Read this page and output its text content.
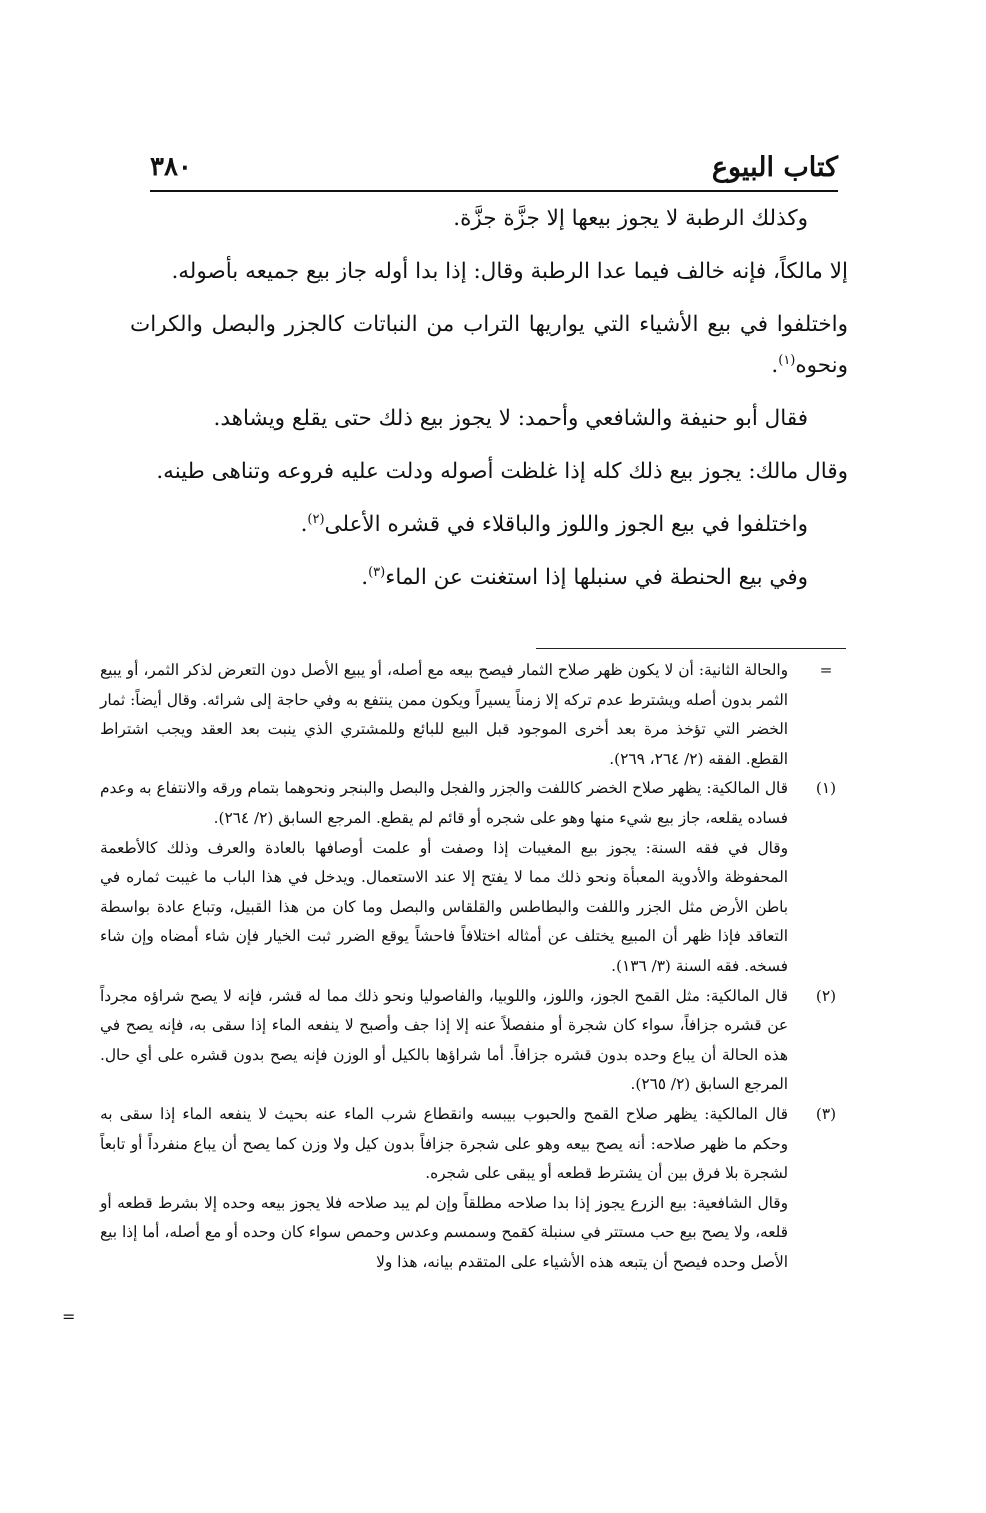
كتاب البيوع
٣٨٠

وكذلك الرطبة لا يجوز بيعها إلا جزَّة جزَّة.

إلا مالكاً، فإنه خالف فيما عدا الرطبة وقال: إذا بدا أوله جاز بيع جميعه بأصوله.

واختلفوا في بيع الأشياء التي يواريها التراب من النباتات كالجزر والبصل والكرات ونحوه$^{(١)}$.

فقال أبو حنيفة والشافعي وأحمد: لا يجوز بيع ذلك حتى يقلع ويشاهد.

وقال مالك: يجوز بيع ذلك كله إذا غلظت أصوله ودلت عليه فروعه وتناهى طينه.

واختلفوا في بيع الجوز واللوز والباقلاء في قشره الأعلى$^{(٢)}$.

وفي بيع الحنطة في سنبلها إذا استغنت عن الماء$^{(٣)}$.

=
والحالة الثانية: أن لا يكون ظهر صلاح الثمار فيصح بيعه مع أصله، أو يبيع الأصل دون التعرض لذكر الثمر، أو يبيع الثمر بدون أصله ويشترط عدم تركه إلا زمناً يسيراً ويكون ممن ينتفع به وفي حاجة إلى شرائه. وقال أيضاً: ثمار الخضر التي تؤخذ مرة بعد أخرى الموجود قبل البيع للبائع وللمشتري الذي ينبت بعد العقد ويجب اشتراط القطع. الفقه (٢/ ٢٦٤، ٢٦٩).

(١)
قال المالكية: يظهر صلاح الخضر كاللفت والجزر والفجل والبصل والبنجر ونحوهما بتمام ورقه والانتفاع به وعدم فساده يقلعه، جاز بيع شيء منها وهو على شجره أو قائم لم يقطع. المرجع السابق (٢/ ٢٦٤).

وقال في فقه السنة: يجوز بيع المغيبات إذا وصفت أو علمت أوصافها بالعادة والعرف وذلك كالأطعمة المحفوظة والأدوية المعبأة ونحو ذلك مما لا يفتح إلا عند الاستعمال. ويدخل في هذا الباب ما غيبت ثماره في باطن الأرض مثل الجزر واللفت والبطاطس والقلقاس والبصل وما كان من هذا القبيل، وتباع عادة بواسطة التعاقد فإذا ظهر أن المبيع يختلف عن أمثاله اختلافاً فاحشاً يوقع الضرر ثبت الخيار فإن شاء أمضاه وإن شاء فسخه. فقه السنة (٣/ ١٣٦).

(٢)
قال المالكية: مثل القمح الجوز، واللوز، واللوبيا، والفاصوليا ونحو ذلك مما له قشر، فإنه لا يصح شراؤه مجرداً عن قشره جزافاً، سواء كان شجرة أو منفصلاً عنه إلا إذا جف وأصبح لا ينفعه الماء إذا سقى به، فإنه يصح في هذه الحالة أن يباع وحده بدون قشره جزافاً. أما شراؤها بالكيل أو الوزن فإنه يصح بدون قشره على أي حال. المرجع السابق (٢/ ٢٦٥).

(٣)
قال المالكية: يظهر صلاح القمح والحبوب بيبسه وانقطاع شرب الماء عنه بحيث لا ينفعه الماء إذا سقى به وحكم ما ظهر صلاحه: أنه يصح بيعه وهو على شجرة جزافاً بدون كيل ولا وزن كما يصح أن يباع منفرداً أو تابعاً لشجرة بلا فرق بين أن يشترط قطعه أو يبقى على شجره.

وقال الشافعية: بيع الزرع يجوز إذا بدا صلاحه مطلقاً وإن لم يبد صلاحه فلا يجوز بيعه وحده إلا بشرط قطعه أو قلعه، ولا يصح بيع حب مستتر في سنبلة كقمح وسمسم وعدس وحمص سواء كان وحده أو مع أصله، أما إذا بيع الأصل وحده فيصح أن يتبعه هذه الأشياء على المتقدم بيانه، هذا ولا

=
